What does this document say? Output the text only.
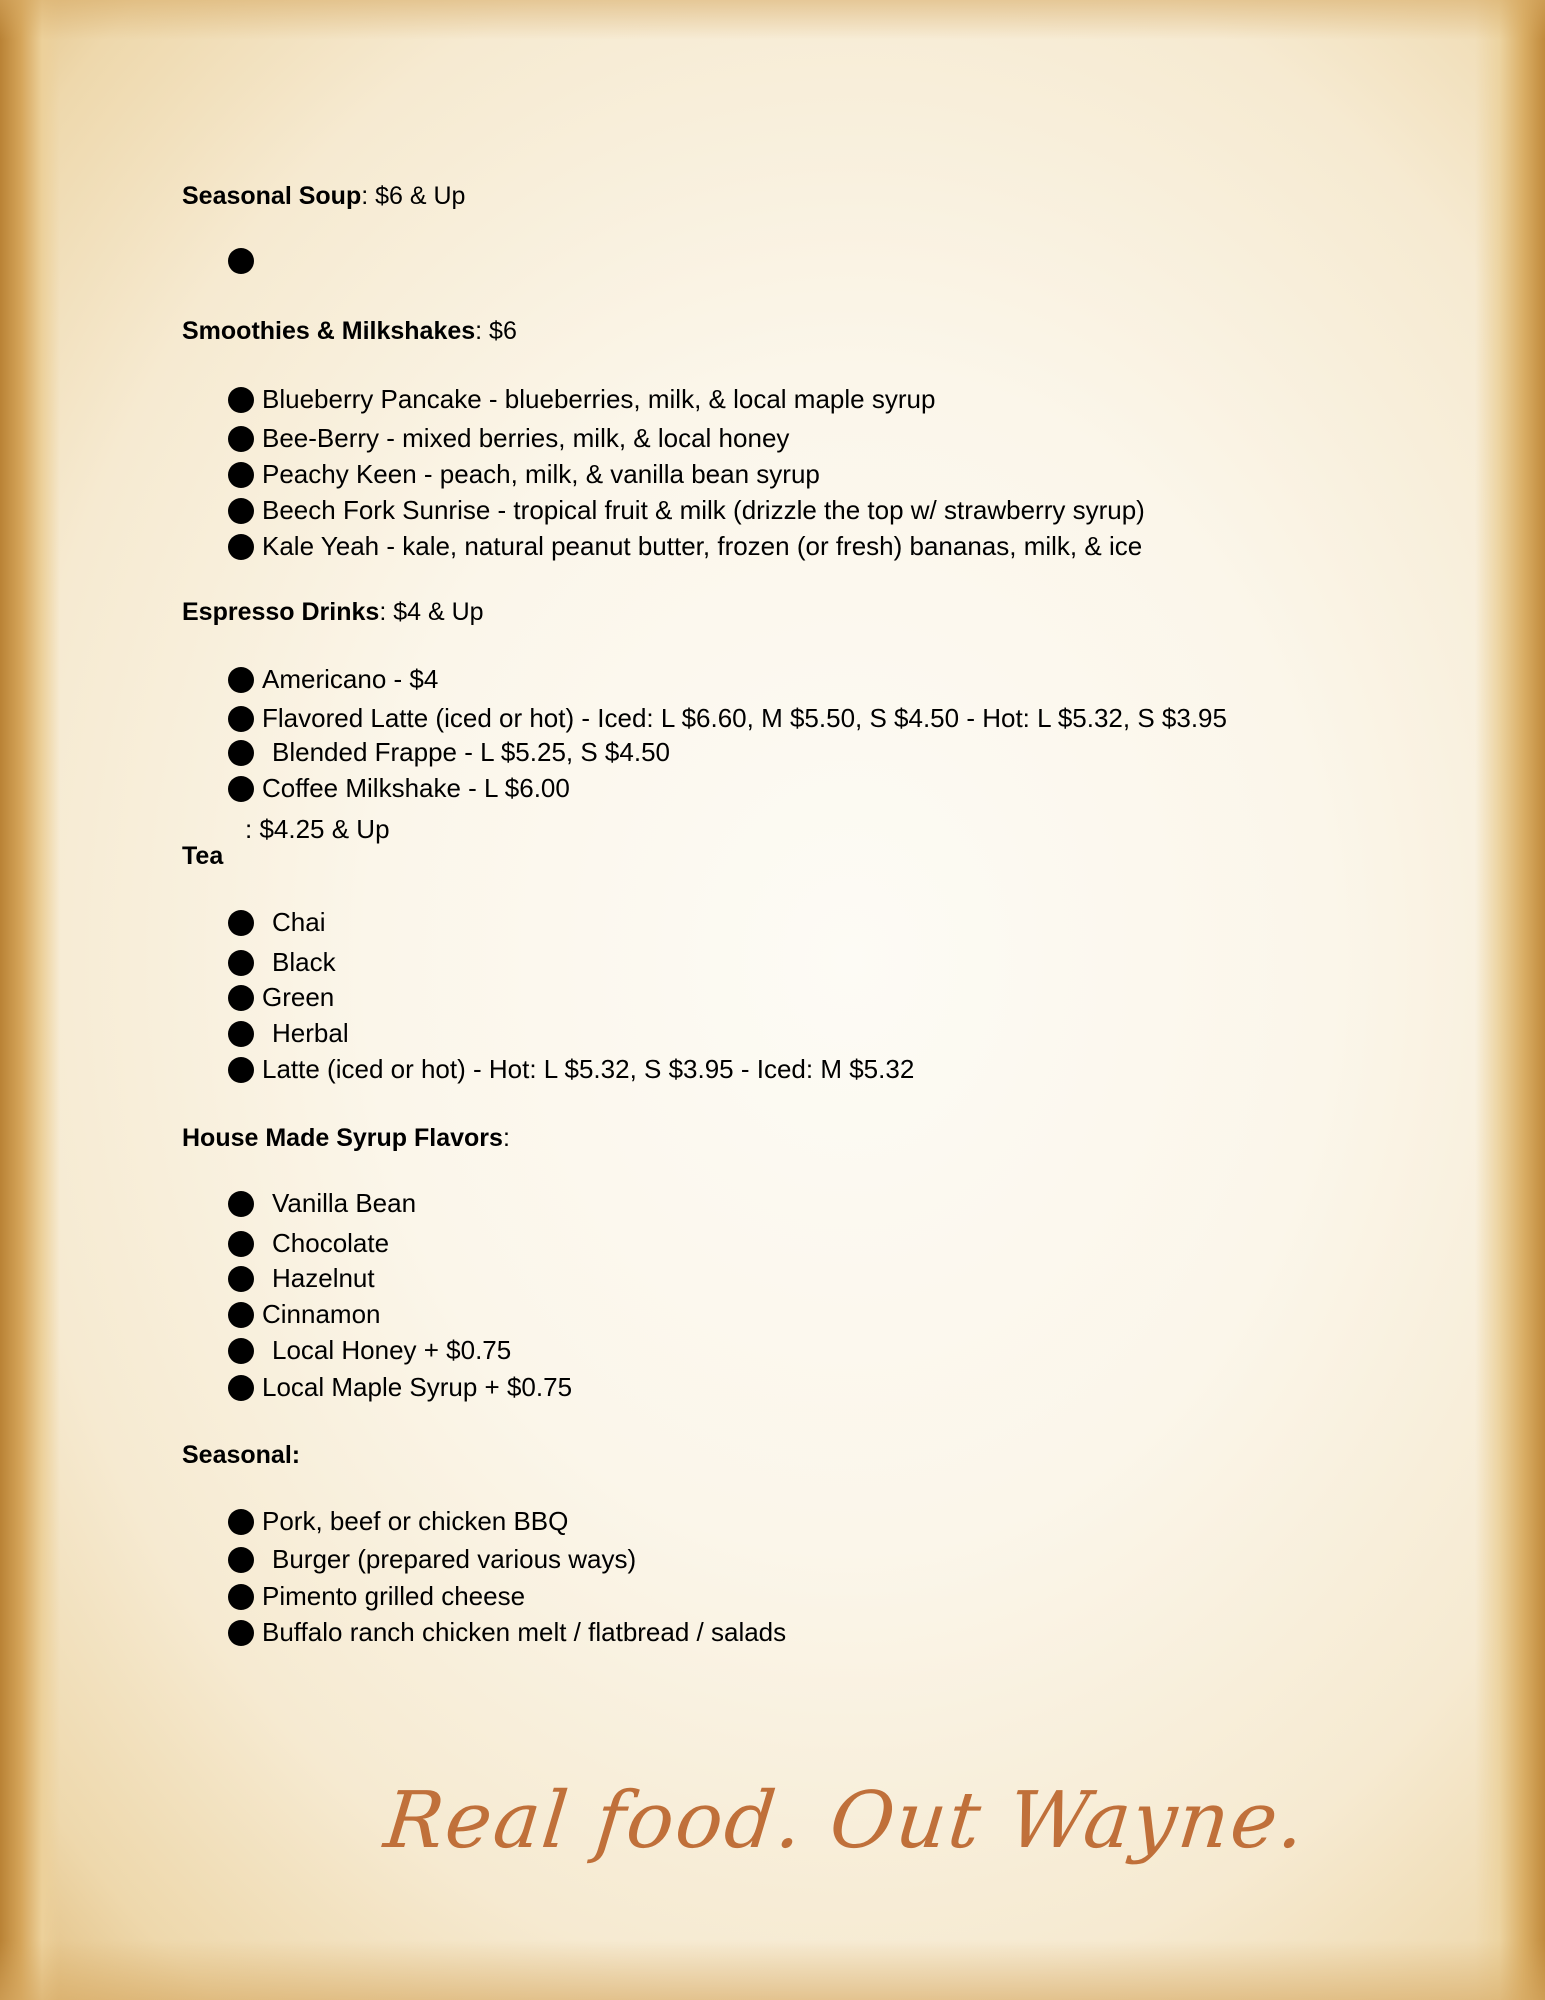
Seasonal Soup: $6 & Up
Smoothies & Milkshakes: $6
Blueberry Pancake - blueberries, milk, & local maple syrup
Bee-Berry - mixed berries, milk, & local honey
Peachy Keen - peach, milk, & vanilla bean syrup
Beech Fork Sunrise - tropical fruit & milk (drizzle the top w/ strawberry syrup)
Kale Yeah - kale, natural peanut butter, frozen (or fresh) bananas, milk, & ice
Espresso Drinks: $4 & Up
Americano - $4
Flavored Latte (iced or hot) - Iced: L $6.60, M $5.50, S $4.50 - Hot: L $5.32, S $3.95
Blended Frappe - L $5.25, S $4.50
Coffee Milkshake - L $6.00
: $4.25 & Up
Tea
Chai
Black
Green
Herbal
Latte (iced or hot) - Hot: L $5.32, S $3.95 - Iced: M $5.32
House Made Syrup Flavors:
Vanilla Bean
Chocolate
Hazelnut
Cinnamon
Local Honey + $0.75
Local Maple Syrup + $0.75
Seasonal:
Pork, beef or chicken BBQ
Burger (prepared various ways)
Pimento grilled cheese
Buffalo ranch chicken melt / flatbread / salads
Real food. Out Wayne.
